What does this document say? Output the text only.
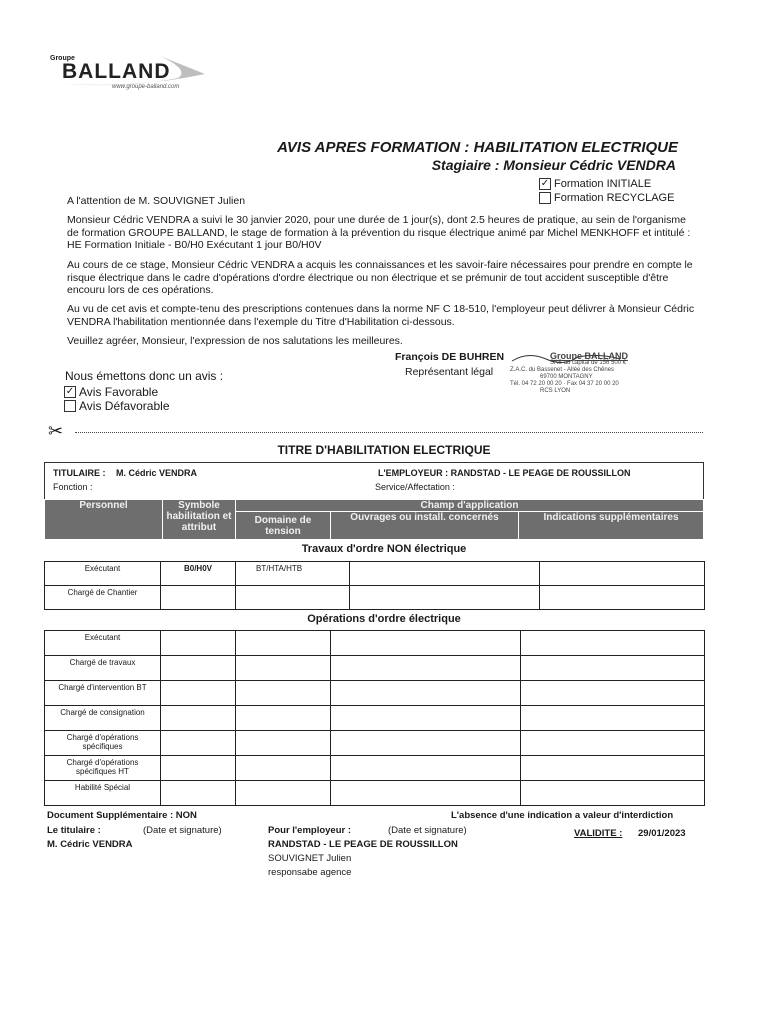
Groupe
BALLAND
www.groupe-balland.com
AVIS APRES FORMATION : HABILITATION ELECTRIQUE
Stagiaire : Monsieur Cédric VENDRA
✓ Formation INITIALE
Formation RECYCLAGE
A l'attention de M. SOUVIGNET Julien
Monsieur Cédric VENDRA a suivi le 30 janvier 2020, pour une durée de 1 jour(s), dont 2.5 heures de pratique, au sein de l'organisme de formation GROUPE BALLAND, le stage de formation à la prévention du risque électrique animé par Michel MENKHOFF et intitulé : HE Formation Initiale - B0/H0 Exécutant 1 jour B0/H0V
Au cours de ce stage, Monsieur Cédric VENDRA a acquis les connaissances et les savoir-faire nécessaires pour prendre en compte le risque électrique dans le cadre d'opérations d'ordre électrique ou non électrique et se prémunir de tout accident susceptible d'être encouru lors de ces opérations.
Au vu de cet avis et compte-tenu des prescriptions contenues dans la norme NF C 18-510, l'employeur peut délivrer à Monsieur Cédric VENDRA l'habilitation mentionnée dans l'exemple du Titre d'Habilitation ci-dessous.
Veuillez agréer, Monsieur, l'expression de nos salutations les meilleures.
François DE BUHREN
Représentant légal
Groupe BALLAND
SAS au capital de 156 500 €
Z.A.C. du Bassenet - Allée des Chênes
69700 MONTAGNY
Tél. 04 72 20 00 20 · Fax 04 37 20 00 20
RCS LYON
Nous émettons donc un avis :
✓ Avis Favorable
Avis Défavorable
✂
TITRE D'HABILITATION ELECTRIQUE
TITULAIRE : M. Cédric VENDRA
Fonction :
L'EMPLOYEUR : RANDSTAD - LE PEAGE DE ROUSSILLON
Service/Affectation :
Personnel	Symbole habilitation et attribut	Champ d'application		
		Domaine de tension	Ouvrages ou install. concernés	Indications supplémentaires
Travaux d'ordre NON électrique
Exécutant	B0/H0V	BT/HTA/HTB		
Chargé de Chantier				
Opérations d'ordre électrique
Exécutant				
Chargé de travaux				
Chargé d'intervention BT				
Chargé de consignation				
Chargé d'opérations spécifiques				
Chargé d'opérations spécifiques HT				
Habilité Spécial				
Document Supplémentaire : NON	L'absence d'une indication a valeur d'interdiction
Le titulaire :	(Date et signature)
M. Cédric VENDRA
Pour l'employeur :	(Date et signature)
RANDSTAD - LE PEAGE DE ROUSSILLON
SOUVIGNET Julien
responsabe agence
VALIDITE : 29/01/2023
